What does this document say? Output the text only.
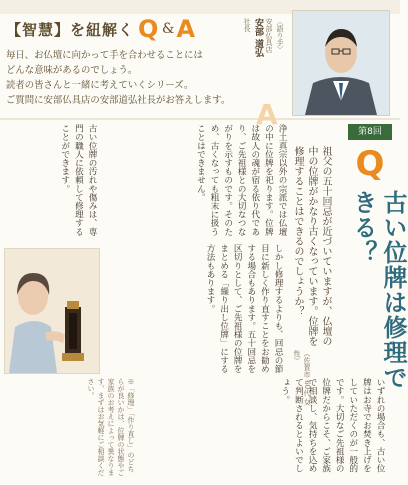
【智慧】を紐解く Q & A
毎日、お仏壇に向かって手を合わせることには
どんな意味があるのでしょう。
読者の皆さんと一緒に考えていくシリーズ。
ご質問に安部仏具店の安部道弘社長がお答えします。
〈語り手〉
安部仏具店
安部 道弘
社長
第8回
Q
古い位牌は修理できる？
祖父の五十回忌が近づいていますが、仏壇の中の位牌がかなり古くなっています。位牌を修理することはできるのでしょうか？
（佐賀市 60代 女性）
A
浄土真宗以外の宗派では仏壇の中に位牌を祀ります。位牌は故人の魂が宿る依り代であり、ご先祖様との大切なつながりを示すものです。そのため、古くなっても粗末に扱うことはできません。
古い位牌の汚れや傷みは、専門の職人に依頼して修理することができます。
しかし修理するよりも、回忌の節目に新しく作り直すことをお勧めする場合もあります。五十回忌を区切りとして、ご先祖様の位牌をまとめる「繰り出し位牌」にする方法もあります。
いずれの場合も、古い位牌はお寺でお焚き上げをしていただくのが一般的です。大切なご先祖様の位牌だからこそ、ご家族で相談し、気持ちを込めて判断されるとよいでしょう。
※「修理」「作り直し」のどちらが良いかは、位牌の状態やご家族のお考えによって異なります。まずはお気軽にご相談ください。
